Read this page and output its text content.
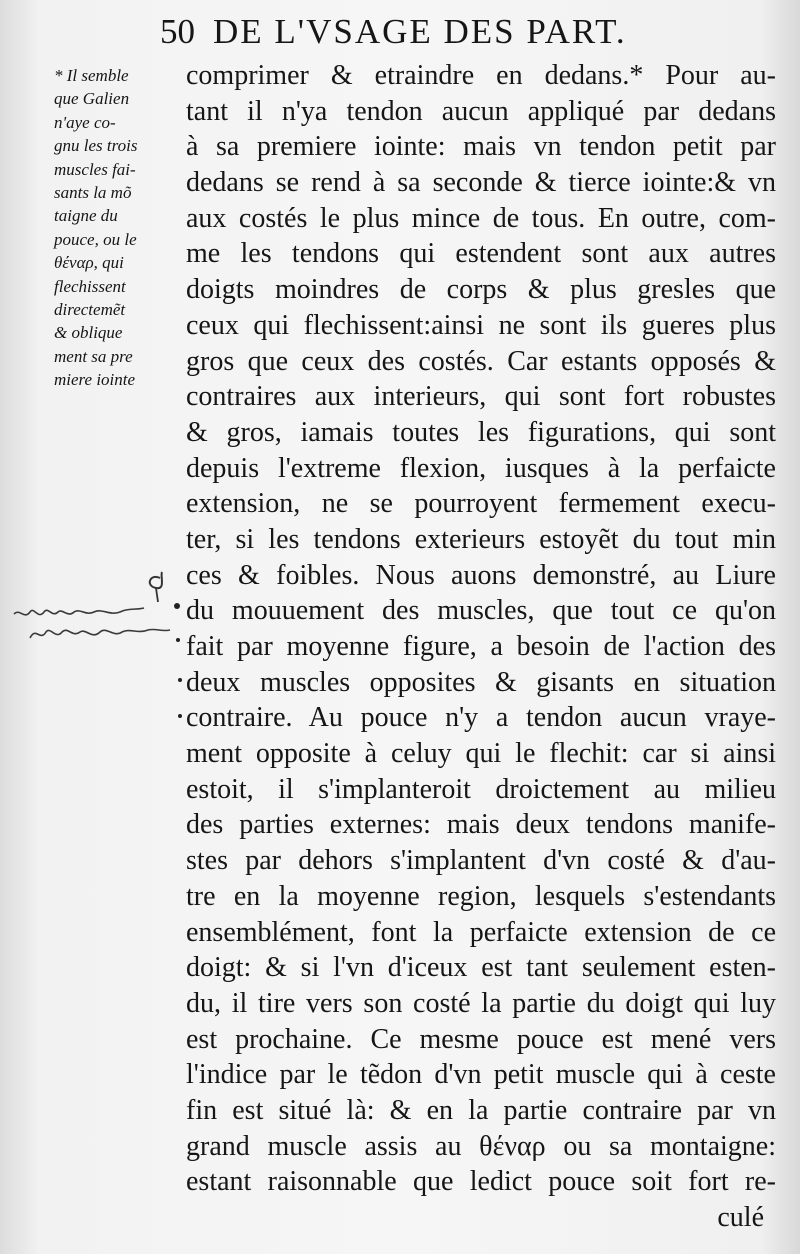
50 DE L'VSAGE DES PART.
* Il semble
que Galien
n'aye co-
gnu les trois
muscles fai-
sants la mõ
taigne du
pouce, ou le
θέναρ, qui
flechissent
directemẽt
& oblique
ment sa pre
miere iointe
comprimer & etraindre en dedans.* Pour au-
tant il n'ya tendon aucun appliqué par dedans
à sa premiere iointe: mais vn tendon petit par
dedans se rend à sa seconde & tierce iointe:& vn
aux costés le plus mince de tous. En outre, com-
me les tendons qui estendent sont aux autres
doigts moindres de corps & plus gresles que
ceux qui flechissent:ainsi ne sont ils gueres plus
gros que ceux des costés. Car estants opposés &
contraires aux interieurs, qui sont fort robustes
& gros, iamais toutes les figurations, qui sont
depuis l'extreme flexion, iusques à la perfaicte
extension, ne se pourroyent fermement execu-
ter, si les tendons exterieurs estoyẽt du tout min
ces & foibles. Nous auons demonstré, au Liure
du mouuement des muscles, que tout ce qu'on
fait par moyenne figure, a besoin de l'action des
deux muscles opposites & gisants en situation
contraire. Au pouce n'y a tendon aucun vraye-
ment opposite à celuy qui le flechit: car si ainsi
estoit, il s'implanteroit droictement au milieu
des parties externes: mais deux tendons manife-
stes par dehors s'implantent d'vn costé & d'au-
tre en la moyenne region, lesquels s'estendants
ensemblément, font la perfaicte extension de ce
doigt: & si l'vn d'iceux est tant seulement esten-
du, il tire vers son costé la partie du doigt qui luy
est prochaine. Ce mesme pouce est mené vers
l'indice par le tẽdon d'vn petit muscle qui à ceste
fin est situé là: & en la partie contraire par vn
grand muscle assis au θέναρ ou sa montaigne:
estant raisonnable que ledict pouce soit fort re-
culé
